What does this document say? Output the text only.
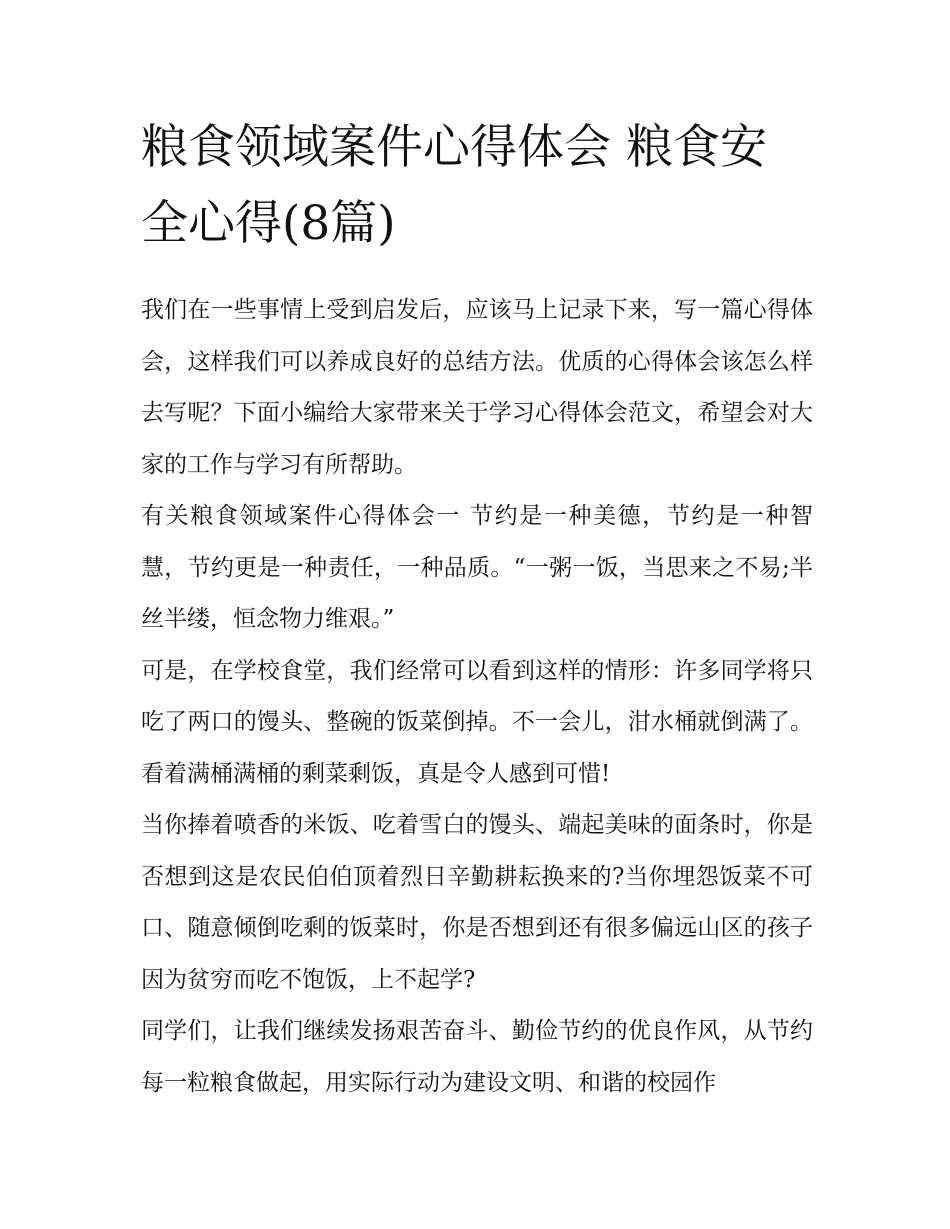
粮食领域案件心得体会 粮食安全心得(8篇)

我们在一些事情上受到启发后，应该马上记录下来，写一篇心得体会，这样我们可以养成良好的总结方法。优质的心得体会该怎么样去写呢？下面小编给大家带来关于学习心得体会范文，希望会对大家的工作与学习有所帮助。

有关粮食领域案件心得体会一 节约是一种美德，节约是一种智慧，节约更是一种责任，一种品质。“一粥一饭，当思来之不易;半丝半缕，恒念物力维艰。”

可是，在学校食堂，我们经常可以看到这样的情形：许多同学将只吃了两口的馒头、整碗的饭菜倒掉。不一会儿，泔水桶就倒满了。看着满桶满桶的剩菜剩饭，真是令人感到可惜!

当你捧着喷香的米饭、吃着雪白的馒头、端起美味的面条时，你是否想到这是农民伯伯顶着烈日辛勤耕耘换来的?当你埋怨饭菜不可口、随意倾倒吃剩的饭菜时，你是否想到还有很多偏远山区的孩子因为贫穷而吃不饱饭，上不起学?

同学们，让我们继续发扬艰苦奋斗、勤俭节约的优良作风，从节约每一粒粮食做起，用实际行动为建设文明、和谐的校园作
